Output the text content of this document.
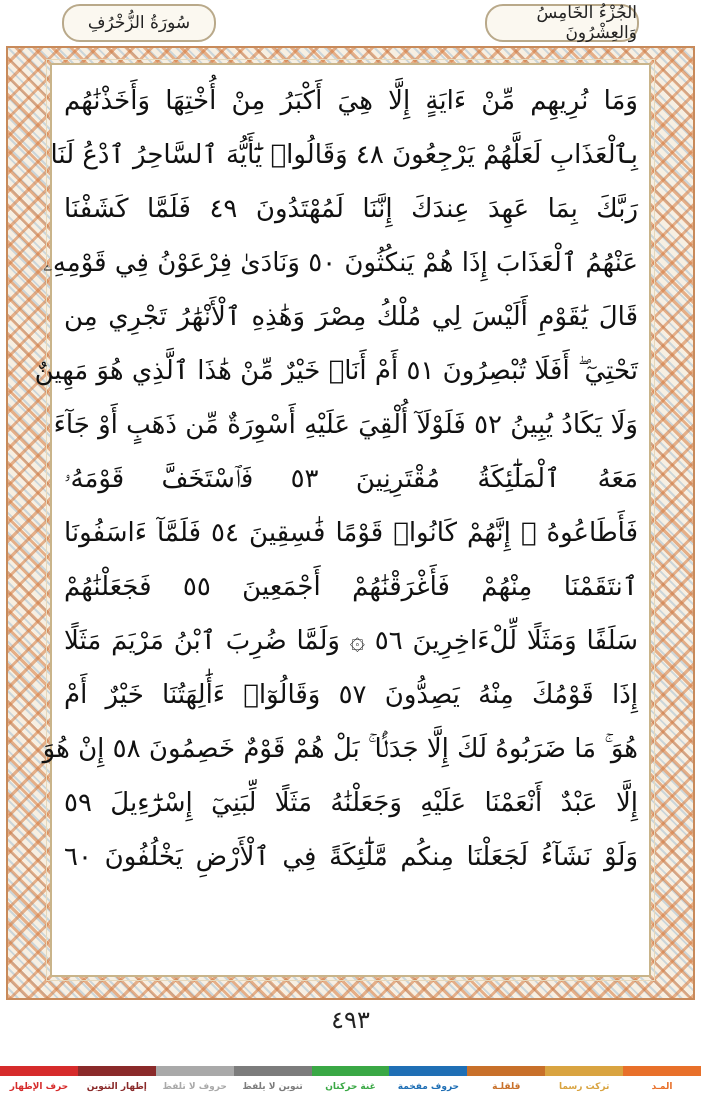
الجُزْءُ الخَامِسُ وَالعِشْرُونَ
سُورَةُ الزُّخْرُفِ
وَمَا نُرِيهِم مِّنْ ءَايَةٍ إِلَّا هِيَ أَكْبَرُ مِنْ أُخْتِهَا وَأَخَذْنَٰهُم
بِٱلْعَذَابِ لَعَلَّهُمْ يَرْجِعُونَ ٤٨ وَقَالُوا۟ يَٰٓأَيُّهَ ٱلسَّاحِرُ ٱدْعُ لَنَا
رَبَّكَ بِمَا عَهِدَ عِندَكَ إِنَّنَا لَمُهْتَدُونَ ٤٩ فَلَمَّا كَشَفْنَا
عَنْهُمُ ٱلْعَذَابَ إِذَا هُمْ يَنكُثُونَ ٥٠ وَنَادَىٰ فِرْعَوْنُ فِي قَوْمِهِۦ
قَالَ يَٰقَوْمِ أَلَيْسَ لِي مُلْكُ مِصْرَ وَهَٰذِهِ ٱلْأَنْهَٰرُ تَجْرِي مِن
تَحْتِيٓ ۖ أَفَلَا تُبْصِرُونَ ٥١ أَمْ أَنَا۠ خَيْرٌ مِّنْ هَٰذَا ٱلَّذِي هُوَ مَهِينٌ
وَلَا يَكَادُ يُبِينُ ٥٢ فَلَوْلَآ أُلْقِيَ عَلَيْهِ أَسْوِرَةٌ مِّن ذَهَبٍ أَوْ جَآءَ
مَعَهُ ٱلْمَلَٰٓئِكَةُ مُقْتَرِنِينَ ٥٣ فَٱسْتَخَفَّ قَوْمَهُۥ
فَأَطَاعُوهُ ۚ إِنَّهُمْ كَانُوا۟ قَوْمًا فَٰسِقِينَ ٥٤ فَلَمَّآ ءَاسَفُونَا
ٱنتَقَمْنَا مِنْهُمْ فَأَغْرَقْنَٰهُمْ أَجْمَعِينَ ٥٥ فَجَعَلْنَٰهُمْ
سَلَفًا وَمَثَلًا لِّلْءَاخِرِينَ ٥٦ ۞ وَلَمَّا ضُرِبَ ٱبْنُ مَرْيَمَ مَثَلًا
إِذَا قَوْمُكَ مِنْهُ يَصِدُّونَ ٥٧ وَقَالُوٓا۟ ءَأَٰلِهَتُنَا خَيْرٌ أَمْ
هُوَ ۚ مَا ضَرَبُوهُ لَكَ إِلَّا جَدَلًۢا ۚ بَلْ هُمْ قَوْمٌ خَصِمُونَ ٥٨ إِنْ هُوَ
إِلَّا عَبْدٌ أَنْعَمْنَا عَلَيْهِ وَجَعَلْنَٰهُ مَثَلًا لِّبَنِيٓ إِسْرَٰٓءِيلَ ٥٩
وَلَوْ نَشَآءُ لَجَعَلْنَا مِنكُم مَّلَٰٓئِكَةً فِي ٱلْأَرْضِ يَخْلُفُونَ ٦٠
٤٩٣
المـد
تركت رسما
قلقلـة
حروف مفخمة
غنة حركتان
تنوين لا يلفظ
حروف لا تلفظ
إظهار التنوين
حرف الإظهار
